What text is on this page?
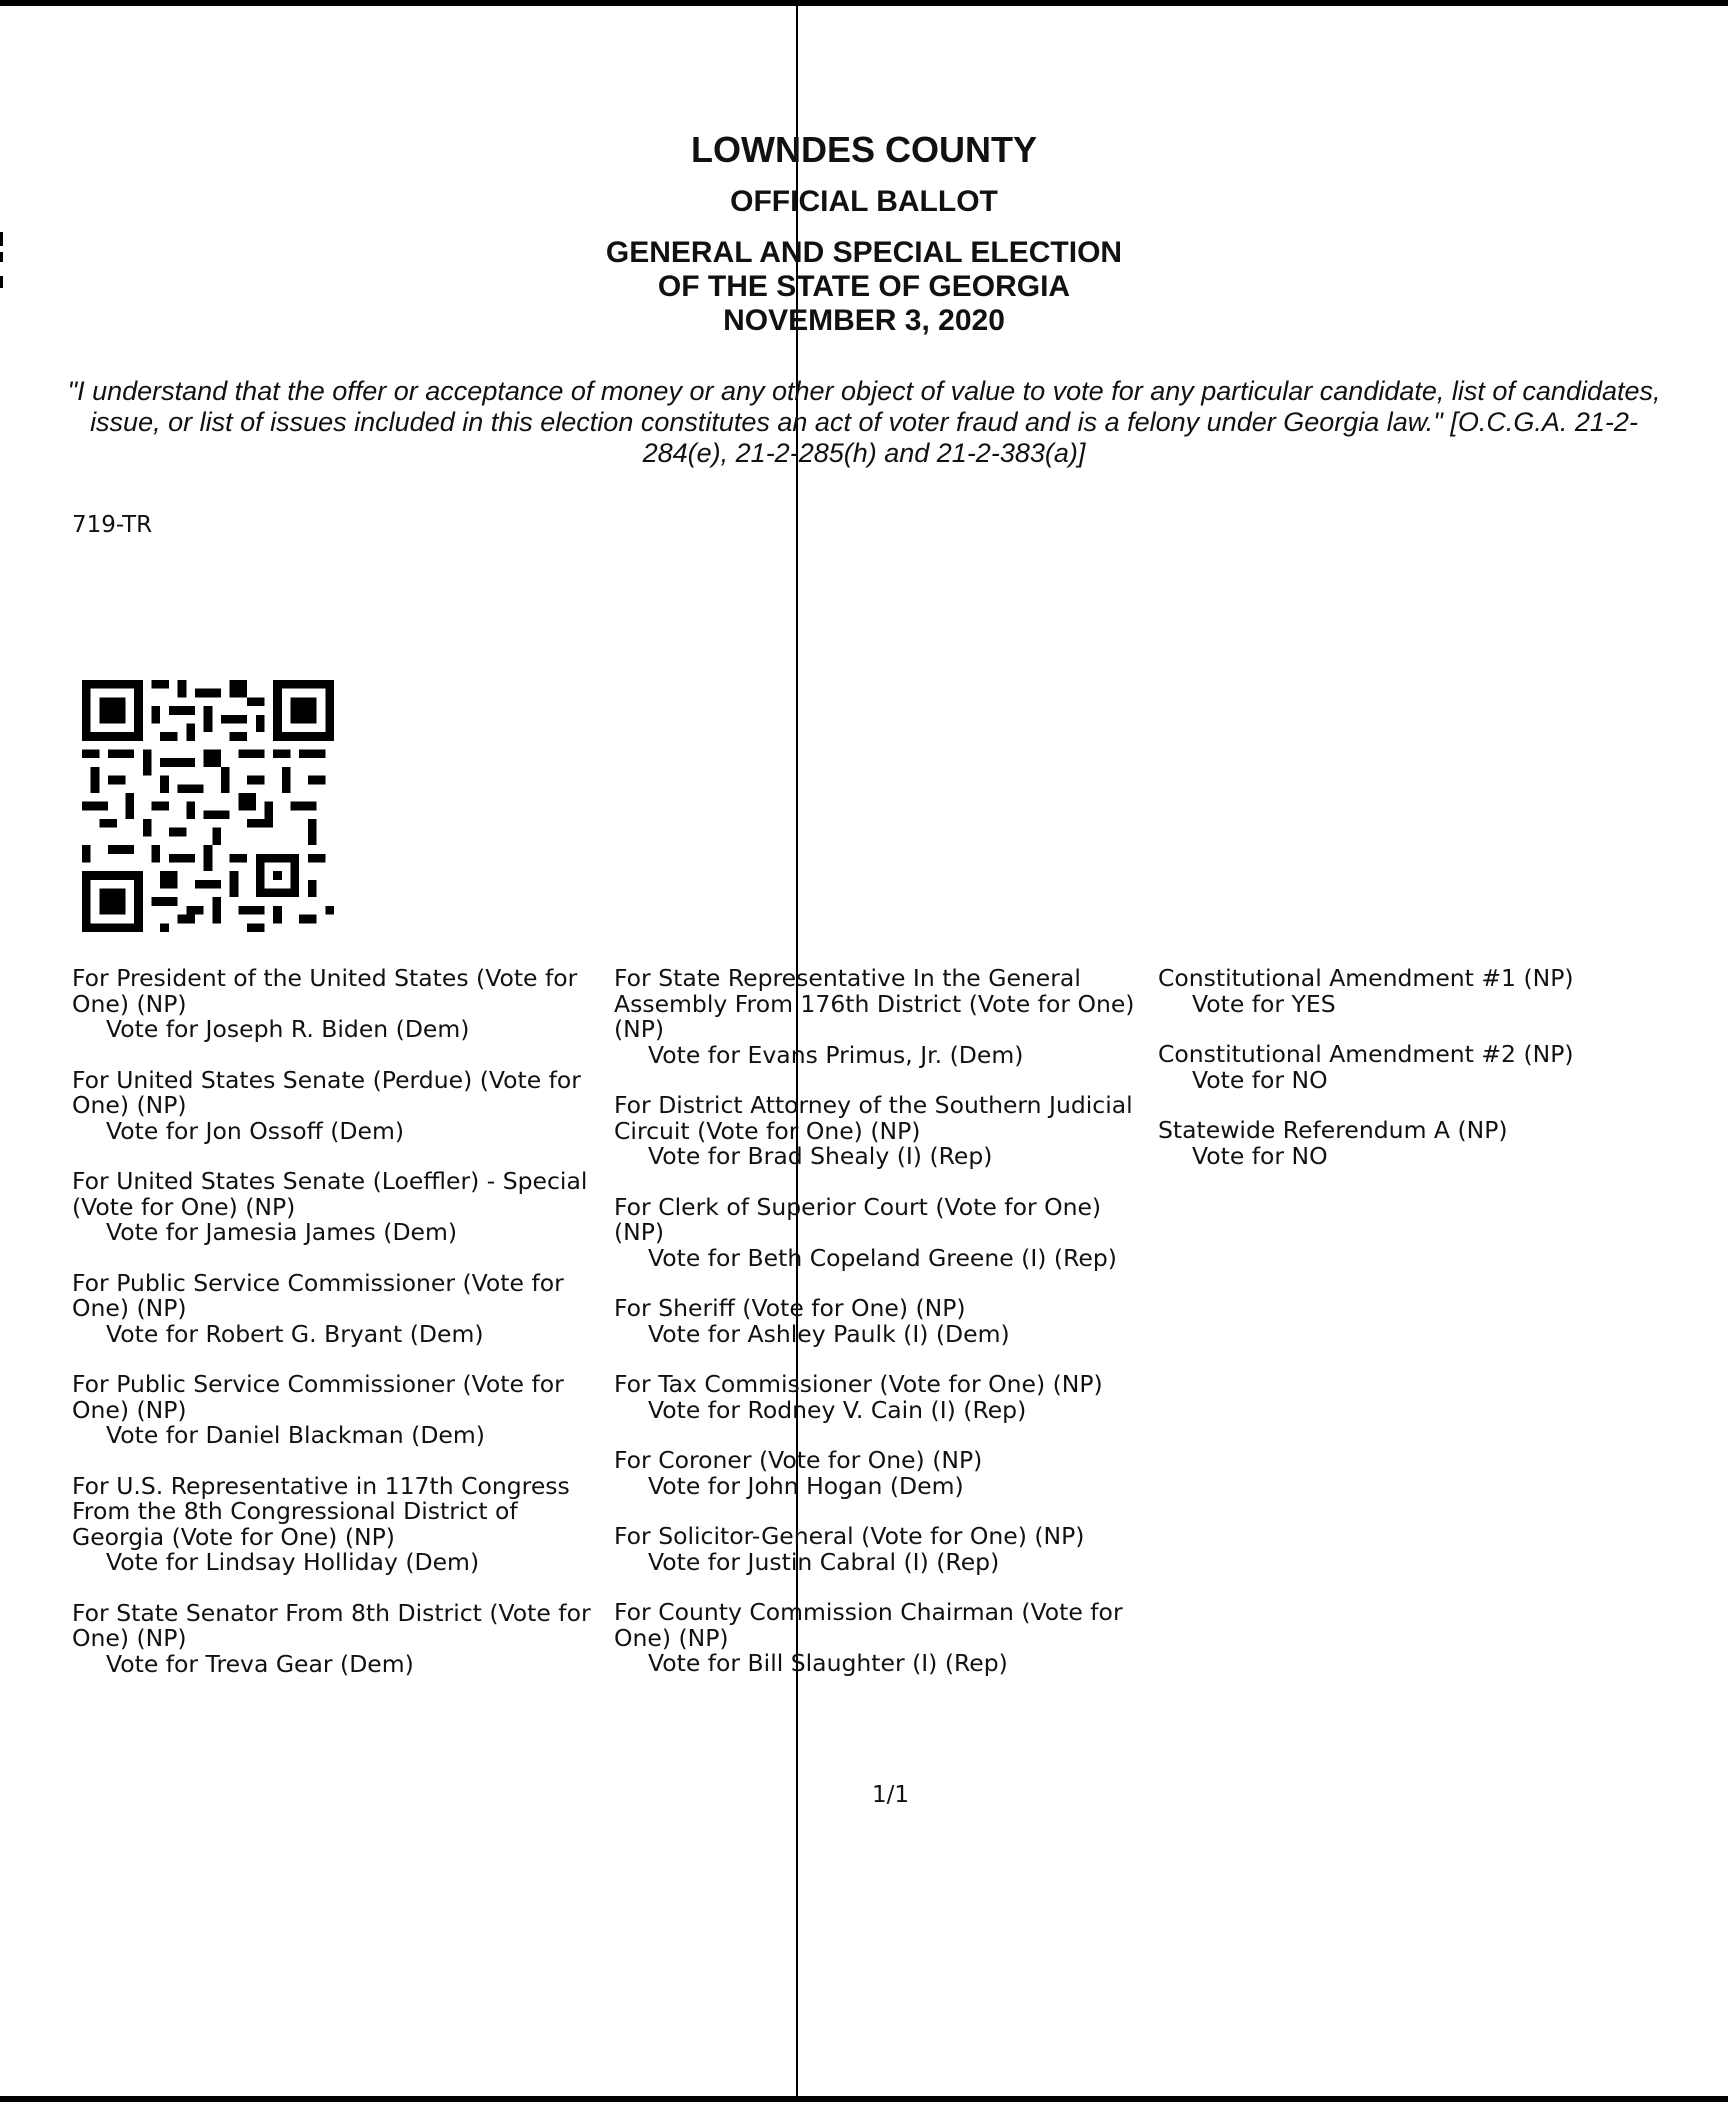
LOWNDES COUNTY
OFFICIAL BALLOT
GENERAL AND SPECIAL ELECTION
OF THE STATE OF GEORGIA
NOVEMBER 3, 2020
"I understand that the offer or acceptance of money or any other object of value to vote for any particular candidate, list of candidates, issue, or list of issues included in this election constitutes an act of voter fraud and is a felony under Georgia law." [O.C.G.A. 21-2-284(e), 21-2-285(h) and 21-2-383(a)]
719-TR
For President of the United States (Vote for One) (NP)
Vote for Joseph R. Biden (Dem)
For United States Senate (Perdue) (Vote for One) (NP)
Vote for Jon Ossoff (Dem)
For United States Senate (Loeffler) - Special (Vote for One) (NP)
Vote for Jamesia James (Dem)
For Public Service Commissioner (Vote for One) (NP)
Vote for Robert G. Bryant (Dem)
For Public Service Commissioner (Vote for One) (NP)
Vote for Daniel Blackman (Dem)
For U.S. Representative in 117th Congress From the 8th Congressional District of Georgia (Vote for One) (NP)
Vote for Lindsay Holliday (Dem)
For State Senator From 8th District (Vote for One) (NP)
Vote for Treva Gear (Dem)
For State Representative In the General Assembly From 176th District (Vote for One) (NP)
Vote for Evans Primus, Jr. (Dem)
For District Attorney of the Southern Judicial Circuit (Vote for One) (NP)
Vote for Brad Shealy (I) (Rep)
For Clerk of Superior Court (Vote for One) (NP)
Vote for Beth Copeland Greene (I) (Rep)
For Sheriff (Vote for One) (NP)
Vote for Ashley Paulk (I) (Dem)
For Tax Commissioner (Vote for One) (NP)
Vote for Rodney V. Cain (I) (Rep)
For Coroner (Vote for One) (NP)
Vote for John Hogan (Dem)
For Solicitor-General (Vote for One) (NP)
Vote for Justin Cabral (I) (Rep)
For County Commission Chairman (Vote for One) (NP)
Vote for Bill Slaughter (I) (Rep)
Constitutional Amendment #1 (NP)
Vote for YES
Constitutional Amendment #2 (NP)
Vote for NO
Statewide Referendum A (NP)
Vote for NO
1/1
